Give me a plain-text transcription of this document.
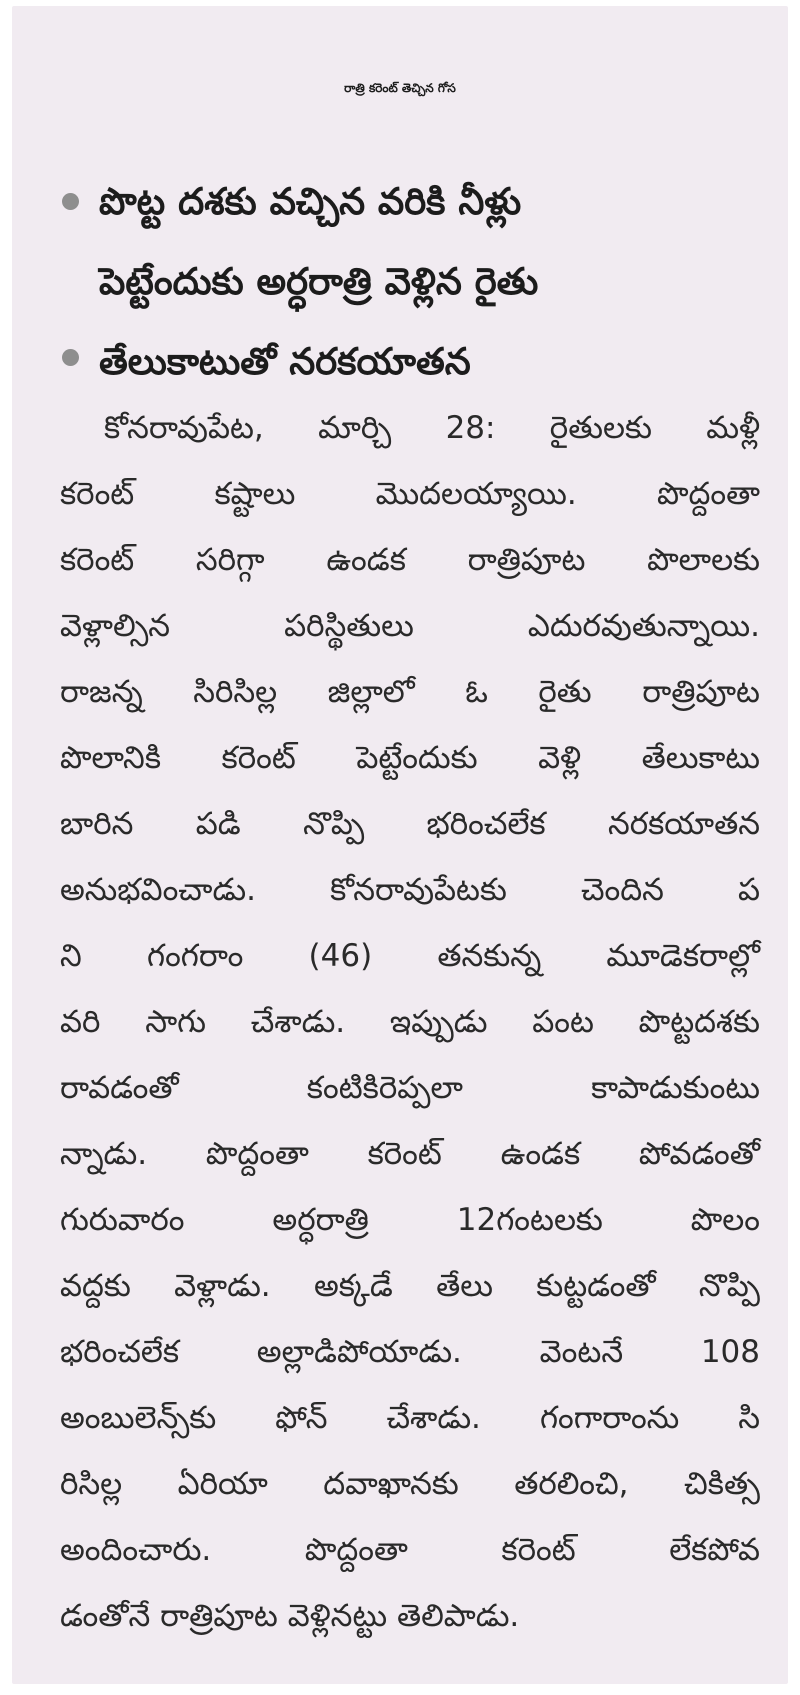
రాత్రి కరెంట్‌ తెచ్చిన గోస
పొట్ట దశకు వచ్చిన వరికి నీళ్లు
పెట్టేందుకు అర్ధరాత్రి వెళ్లిన రైతు
తేలుకాటుతో నరకయాతన
కోనరావుపేట, మార్చి 28: రైతులకు మళ్లీ
కరెంట్‌ కష్టాలు మొదలయ్యాయి. పొద్దంతా
కరెంట్‌ సరిగ్గా ఉండక రాత్రిపూట పొలాలకు
వెళ్లాల్సిన పరిస్థితులు ఎదురవుతున్నాయి.
రాజన్న సిరిసిల్ల జిల్లాలో ఓ రైతు రాత్రిపూట
పొలానికి కరెంట్‌ పెట్టేందుకు వెళ్లి తేలుకాటు
బారిన పడి నొప్పి భరించలేక నరకయాతన
అనుభవించాడు. కోనరావుపేటకు చెందిన ప
ని గంగరాం (46) తనకున్న మూడెకరాల్లో
వరి సాగు చేశాడు. ఇప్పుడు పంట పొట్టదశకు
రావడంతో కంటికిరెప్పలా కాపాడుకుంటు
న్నాడు. పొద్దంతా కరెంట్‌ ఉండక పోవడంతో
గురువారం అర్ధరాత్రి 12గంటలకు పొలం
వద్దకు వెళ్లాడు. అక్కడే తేలు కుట్టడంతో నొప్పి
భరించలేక అల్లాడిపోయాడు. వెంటనే 108
అంబులెన్స్‌కు ఫోన్‌ చేశాడు. గంగారాంను సి
రిసిల్ల ఏరియా దవాఖానకు తరలించి, చికిత్స
అందించారు. పొద్దంతా కరెంట్‌ లేకపోవ
డంతోనే రాత్రిపూట వెళ్లినట్టు తెలిపాడు.
